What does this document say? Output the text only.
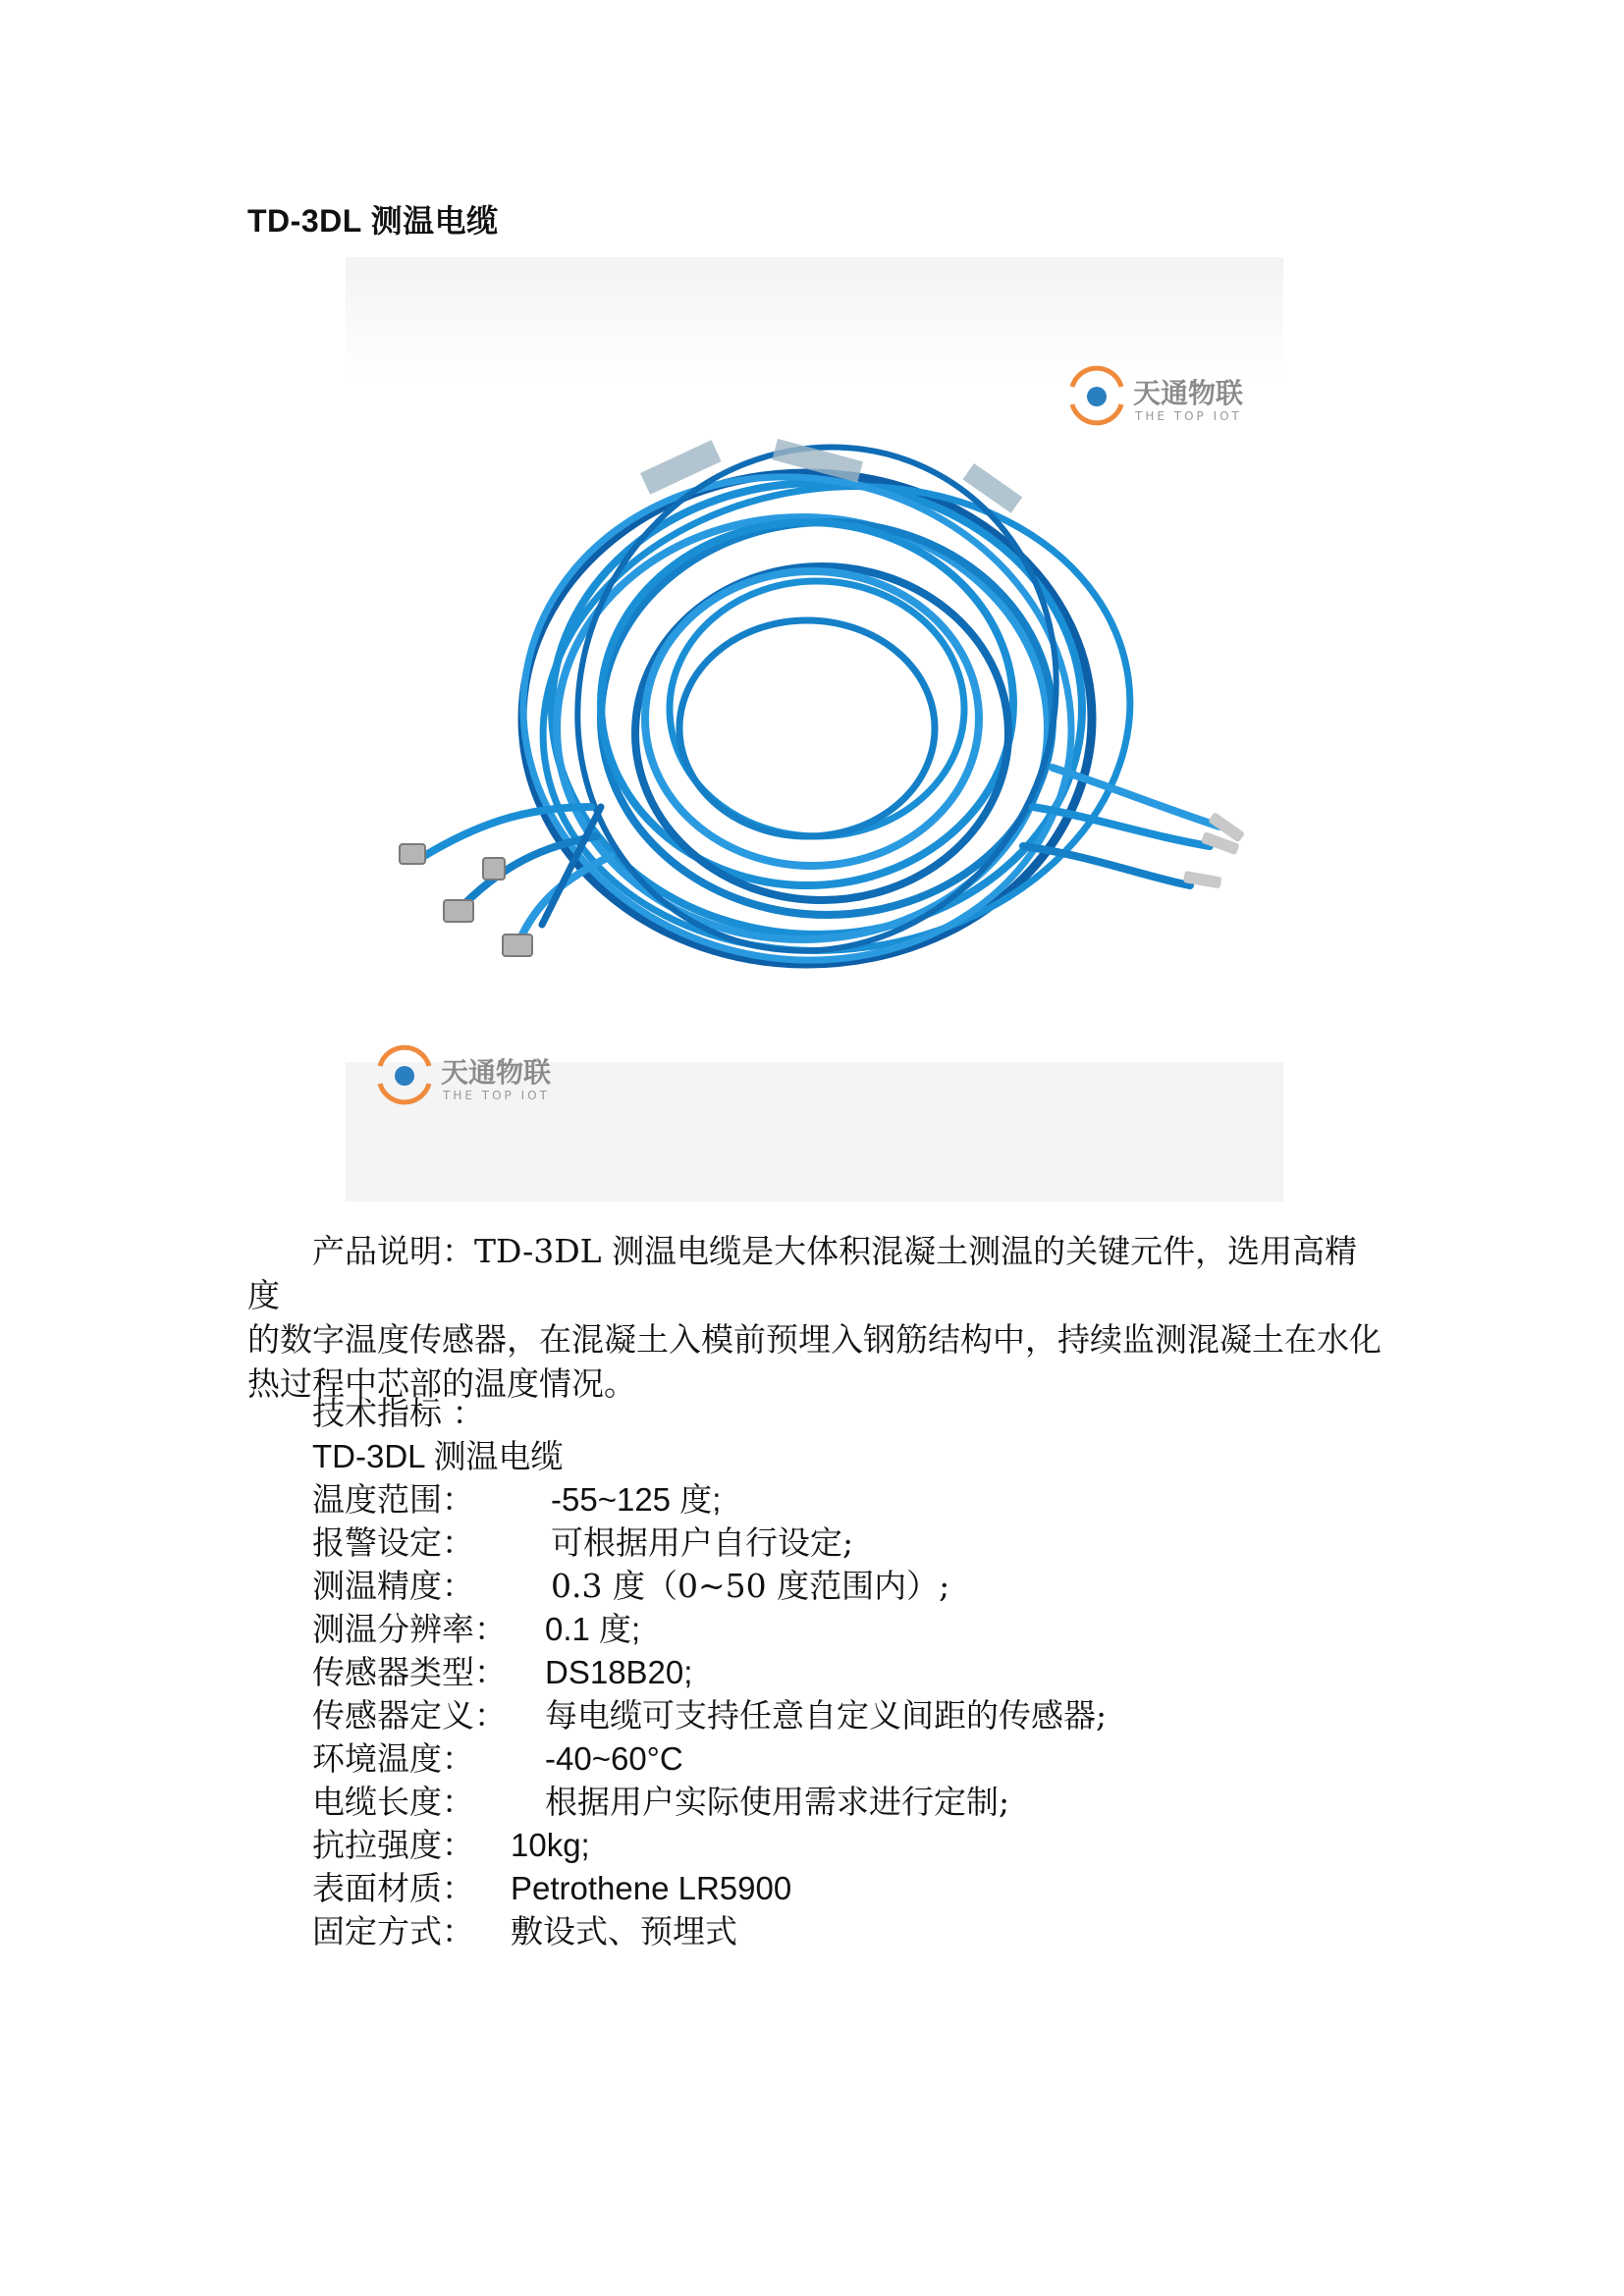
TD-3DL 测温电缆
天通物联
THE TOP IOT
天通物联
THE TOP IOT

产品说明：TD-3DL 测温电缆是大体积混凝土测温的关键元件，选用高精度

的数字温度传感器，在混凝土入模前预埋入钢筋结构中，持续监测混凝土在水化

热过程中芯部的温度情况。

技术指标 ：
TD-3DL 测温电缆
温度范围： -55~125 度;
报警设定： 可根据用户自行设定;
测温精度： 0.3 度（0~50 度范围内）;
测温分辨率： 0.1 度;
传感器类型： DS18B20;
传感器定义： 每电缆可支持任意自定义间距的传感器;
环境温度： -40~60°C
电缆长度： 根据用户实际使用需求进行定制;
抗拉强度： 10kg;
表面材质： Petrothene LR5900
固定方式： 敷设式、预埋式
